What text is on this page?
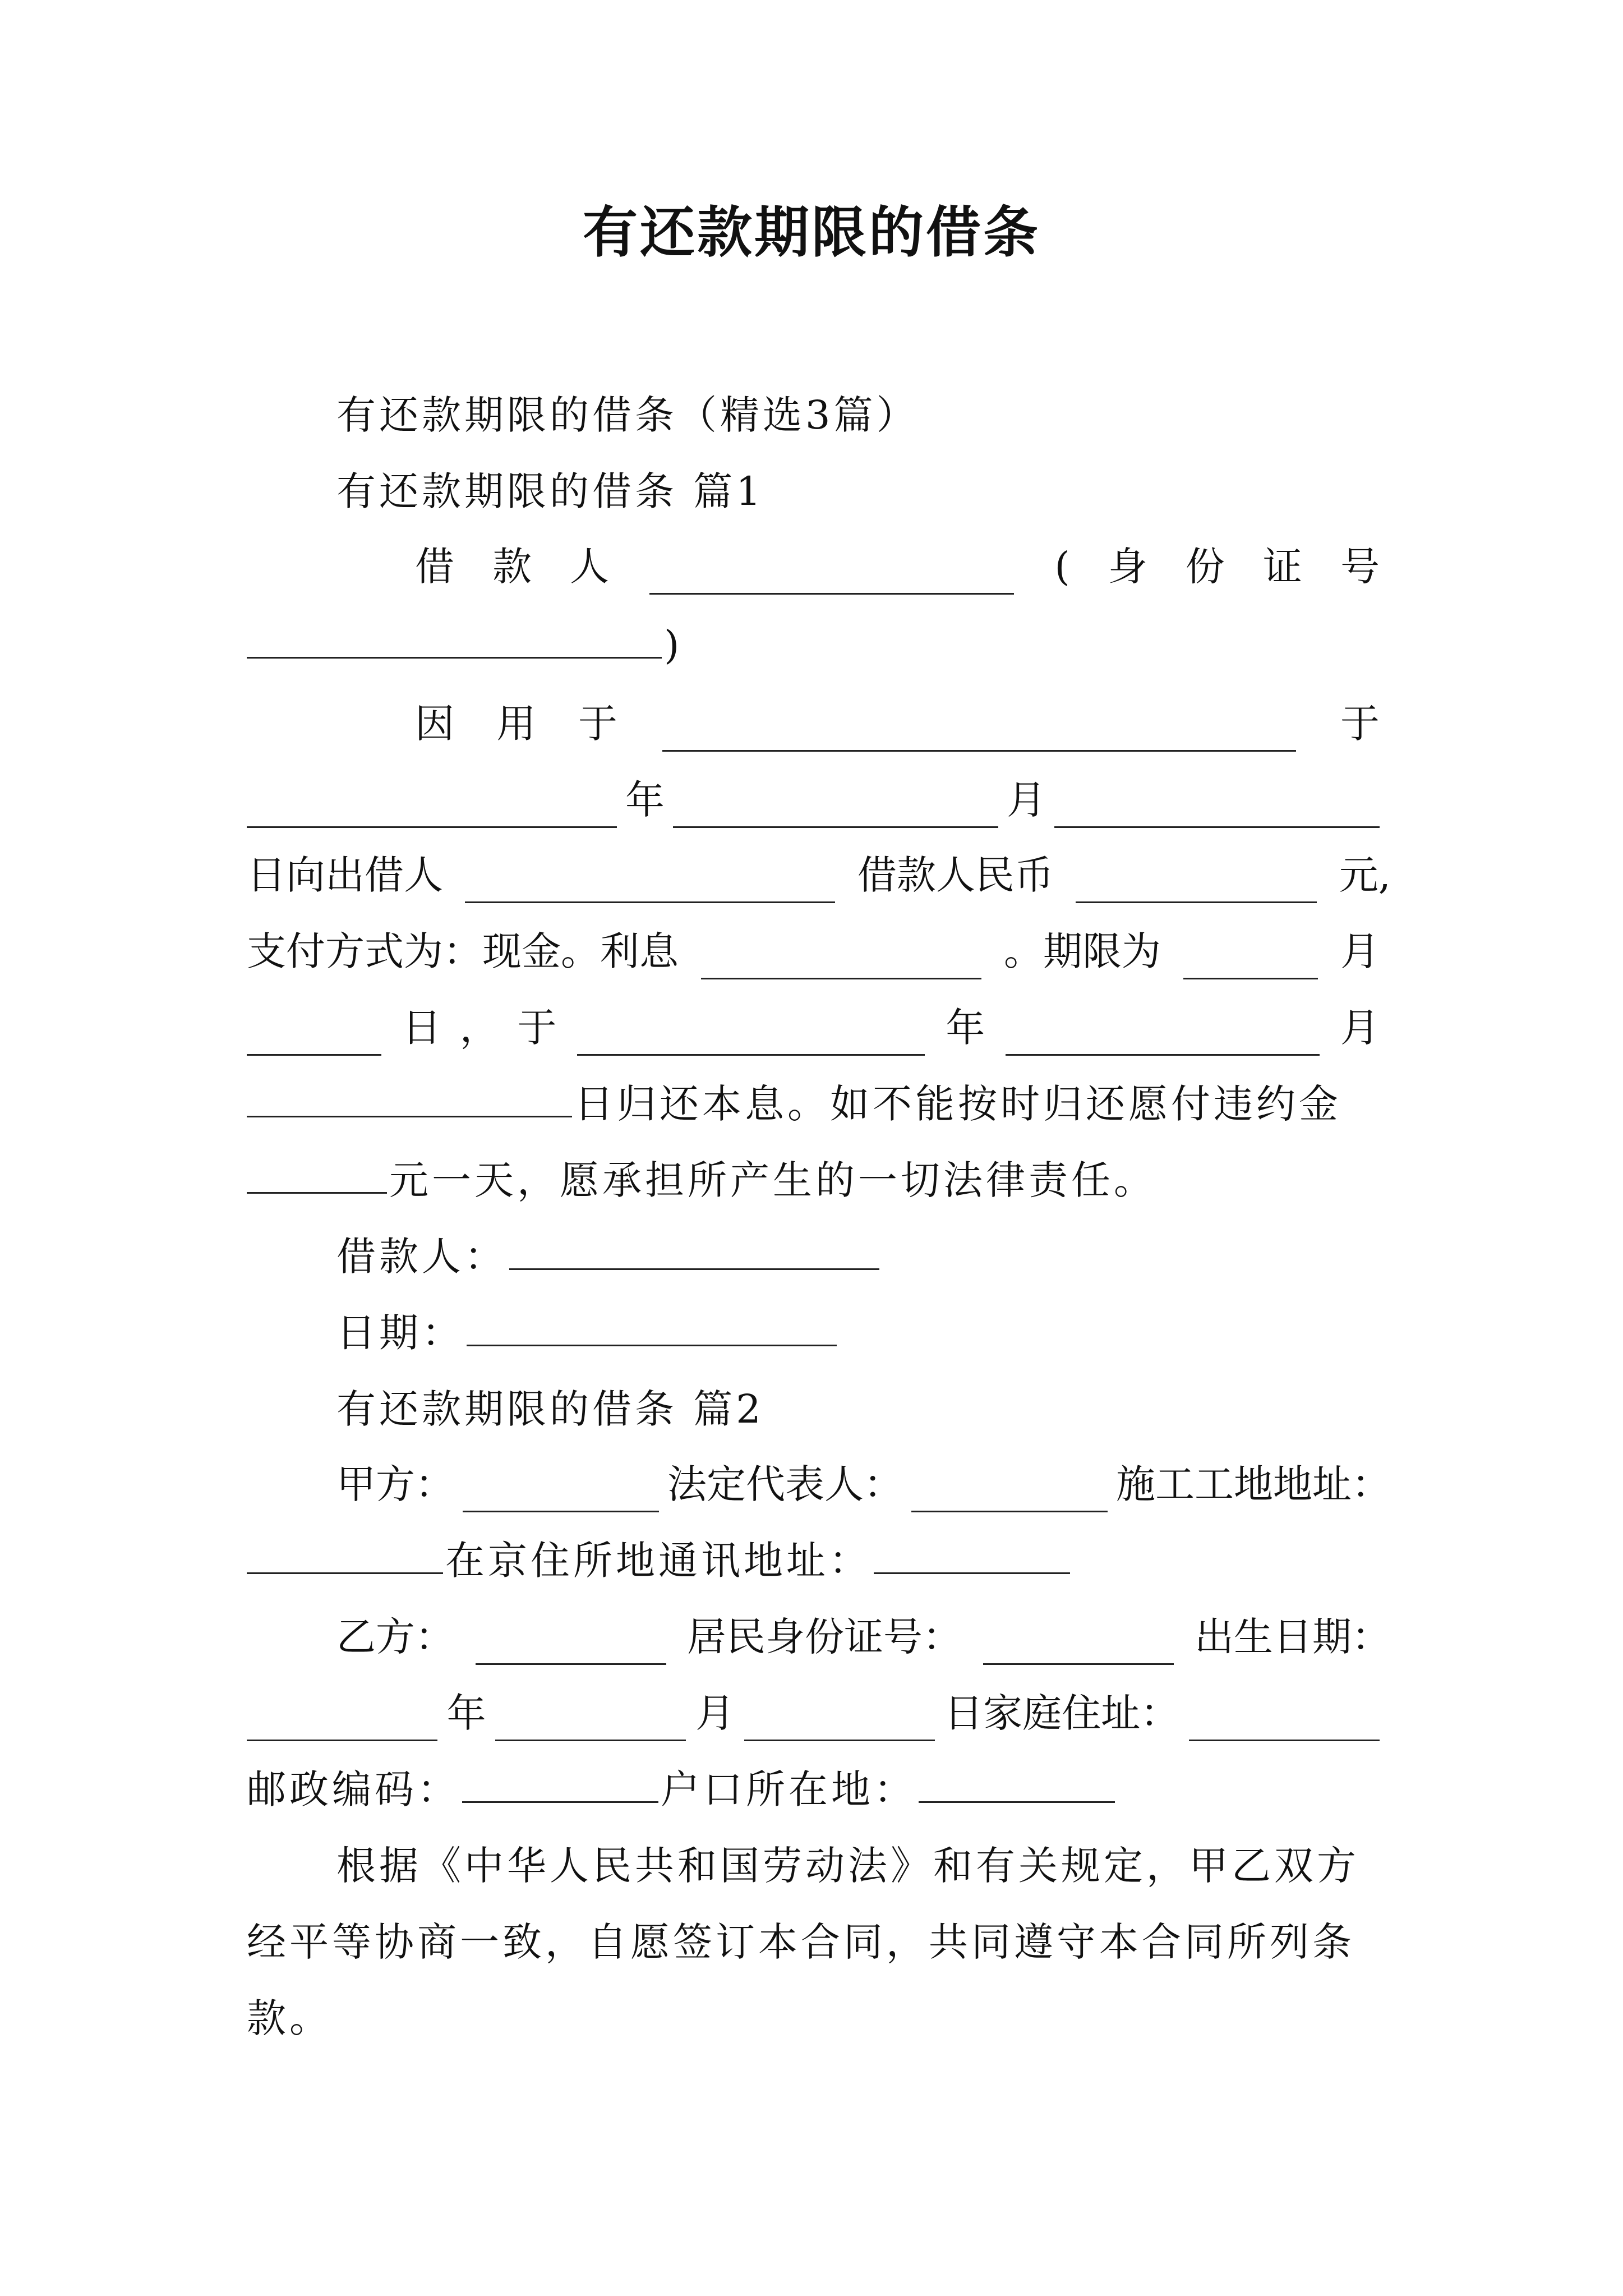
有还款期限的借条
有还款期限的借条（精选3篇）
有还款期限的借条 篇1
借 款 人	( 身 份 证 号
)
因 用 于	于
年	月
日向出借人	借款人民币	元,
支付方式为：现金。利息	。期限为	月
日 ， 于	年	月
日归还本息。如不能按时归还愿付违约金
元一天，愿承担所产生的一切法律责任。
借款人：
日期：
有还款期限的借条 篇2
甲方：	法定代表人：	施工工地地址：
在京住所地通讯地址：
乙方：	居民身份证号：	出生日期：
年	月	日家庭住址：
邮政编码：	户口所在地：
根据《中华人民共和国劳动法》和有关规定，甲乙双方
经平等协商一致，自愿签订本合同，共同遵守本合同所列条
款。
